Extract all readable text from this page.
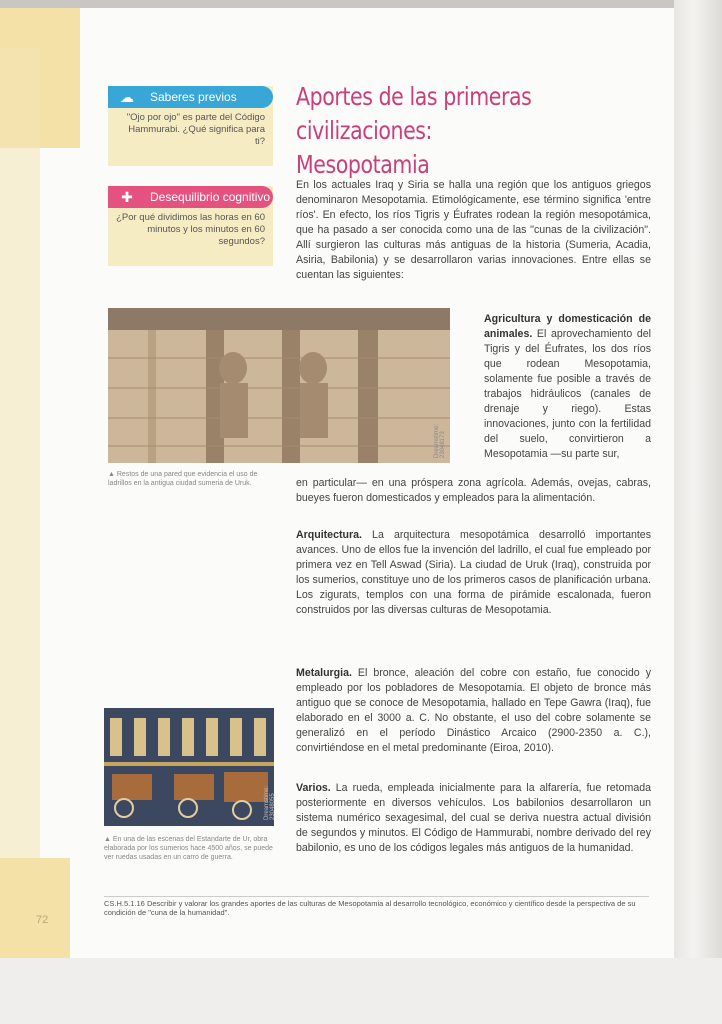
72
☁	Saberes previos
"Ojo por ojo" es parte del Código Hammurabi. ¿Qué significa para ti?
✚	Desequilibrio cognitivo
¿Por qué dividimos las horas en 60 minutos y los minutos en 60 segundos?
Aportes de las primeras civilizaciones: Mesopotamia
En los actuales Iraq y Siria se halla una región que los antiguos griegos denominaron Mesopotamia. Etimológicamente, ese término significa 'entre ríos'. En efecto, los ríos Tigris y Éufrates rodean la región mesopotámica, que ha pasado a ser conocida como una de las "cunas de la civilización". Allí surgieron las culturas más antiguas de la historia (Sumeria, Acadia, Asiria, Babilonia) y se desarrollaron varias innovaciones. Entre ellas se cuentan las siguientes:
Dreamstime: 23048173
▲ Restos de una pared que evidencia el uso de ladrillos en la antigua ciudad sumeria de Uruk.
Agricultura y domesticación de animales. El aprovechamiento del Tigris y del Éufrates, los dos ríos que rodean Mesopotamia, solamente fue posible a través de trabajos hidráulicos (canales de drenaje y riego). Estas innovaciones, junto con la fertilidad del suelo, convirtieron a Mesopotamia —su parte sur,
en particular— en una próspera zona agrícola. Además, ovejas, cabras, bueyes fueron domesticados y empleados para la alimentación.
Arquitectura. La arquitectura mesopotámica desarrolló importantes avances. Uno de ellos fue la invención del ladrillo, el cual fue empleado por primera vez en Tell Aswad (Siria). La ciudad de Uruk (Iraq), construida por los sumerios, constituye uno de los primeros casos de planificación urbana. Los zigurats, templos con una forma de pirámide escalonada, fueron construidos por las diversas culturas de Mesopotamia.
Metalurgia. El bronce, aleación del cobre con estaño, fue conocido y empleado por los pobladores de Mesopotamia. El objeto de bronce más antiguo que se conoce de Mesopotamia, hallado en Tepe Gawra (Iraq), fue elaborado en el 3000 a. C. No obstante, el uso del cobre solamente se generalizó en el período Dinástico Arcaico (2900-2350 a. C.), convirtiéndose en el metal predominante (Eiroa, 2010).
Dreamstime: 23048055
▲ En una de las escenas del Estandarte de Ur, obra elaborada por los sumerios hace 4500 años, se puede ver ruedas usadas en un carro de guerra.
Varios. La rueda, empleada inicialmente para la alfarería, fue retomada posteriormente en diversos vehículos. Los babilonios desarrollaron un sistema numérico sexagesimal, del cual se deriva nuestra actual división de segundos y minutos. El Código de Hammurabi, nombre derivado del rey babilonio, es uno de los códigos legales más antiguos de la humanidad.
CS.H.5.1.16 Describir y valorar los grandes aportes de las culturas de Mesopotamia al desarrollo tecnológico, económico y científico desde la perspectiva de su condición de "cuna de la humanidad".
